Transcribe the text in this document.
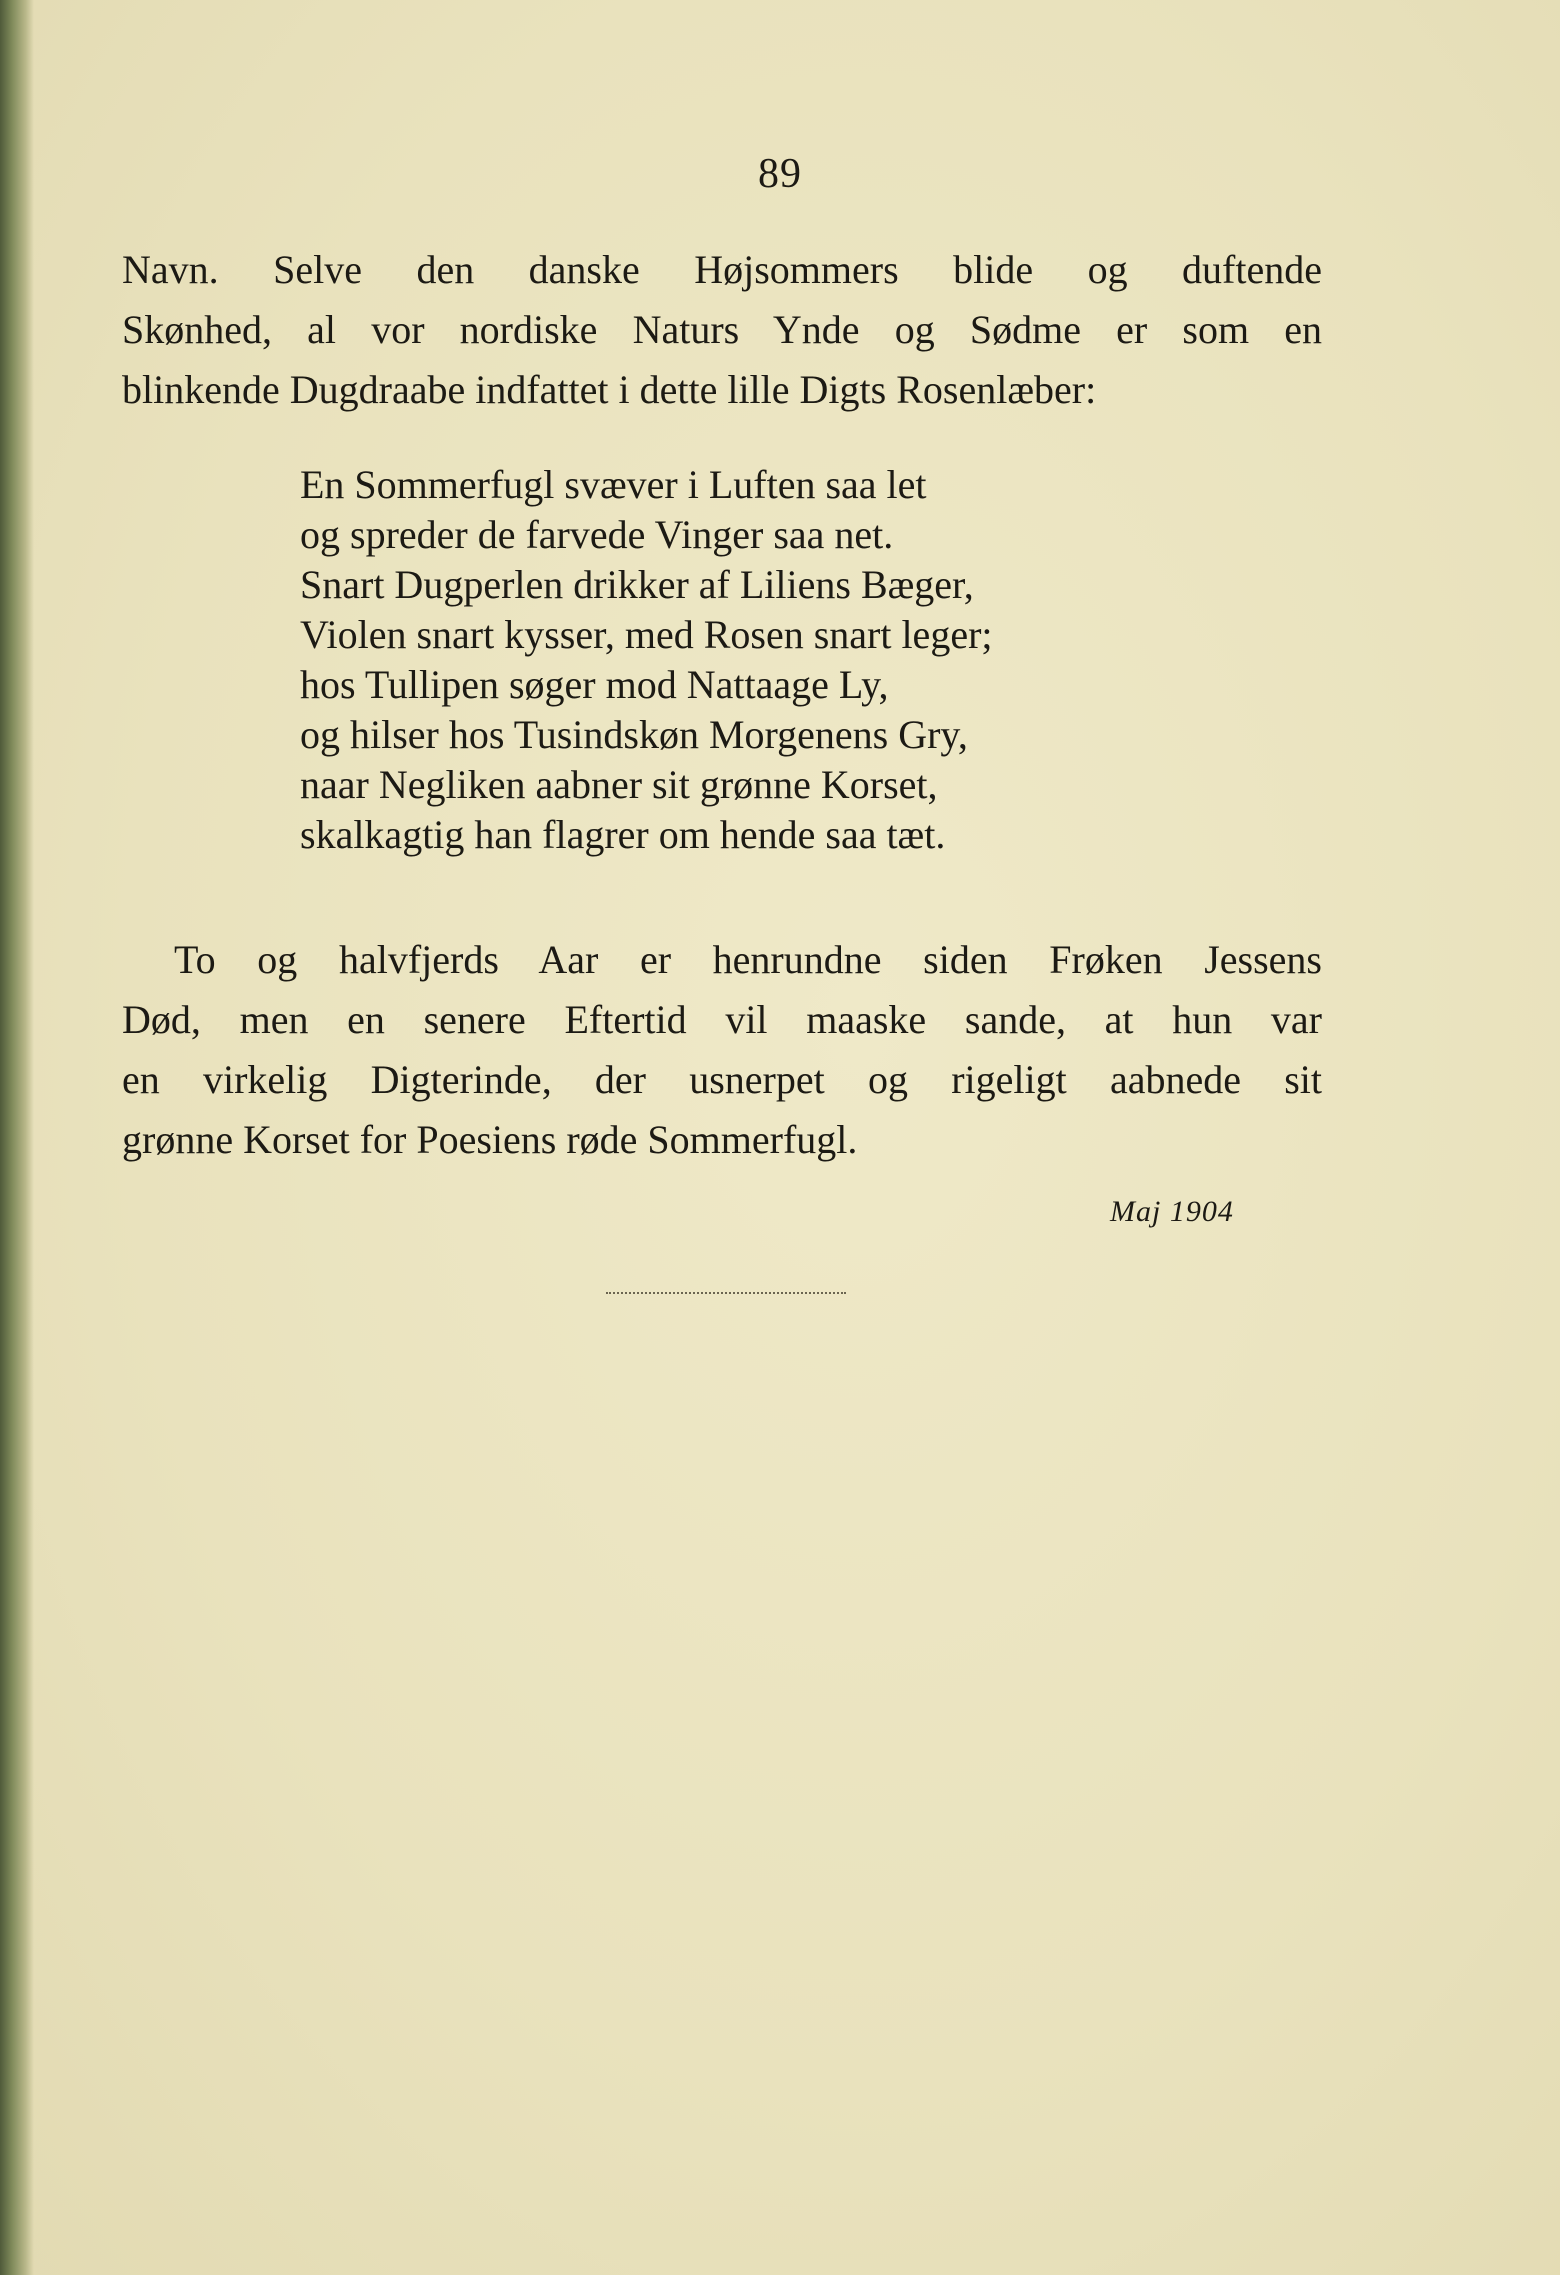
89
Navn. Selve den danske Højsommers blide og duftende
Skønhed, al vor nordiske Naturs Ynde og Sødme er som en
blinkende Dugdraabe indfattet i dette lille Digts Rosenlæber:
En Sommerfugl svæver i Luften saa let
og spreder de farvede Vinger saa net.
Snart Dugperlen drikker af Liliens Bæger,
Violen snart kysser, med Rosen snart leger;
hos Tullipen søger mod Nattaage Ly,
og hilser hos Tusindskøn Morgenens Gry,
naar Negliken aabner sit grønne Korset,
skalkagtig han flagrer om hende saa tæt.
To og halvfjerds Aar er henrundne siden Frøken Jessens
Død, men en senere Eftertid vil maaske sande, at hun var
en virkelig Digterinde, der usnerpet og rigeligt aabnede sit
grønne Korset for Poesiens røde Sommerfugl.
Maj 1904
